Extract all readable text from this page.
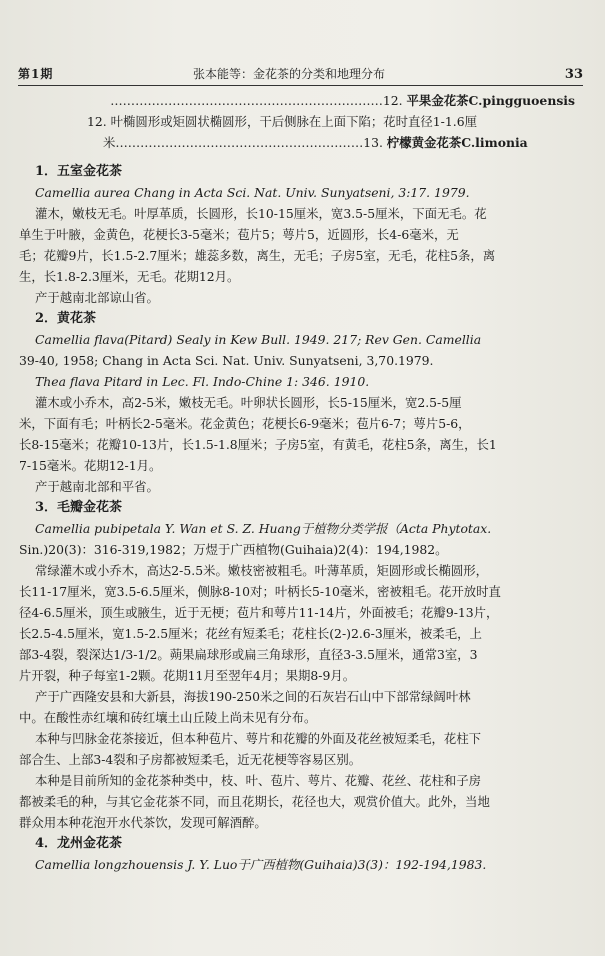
第1期	张本能等：金花茶的分类和地理分布	33
…………………………………………………………12. 平果金花茶C.pingguoensis
12. 叶椭圆形或矩圆状椭圆形，干后侧脉在上面下陷；花时直径1-1.6厘
米……………………………………………………13. 柠檬黄金花茶C.limonia
1．五室金花茶
Camellia aurea Chang in Acta Sci. Nat. Univ. Sunyatseni, 3:17. 1979.
灌木，嫩枝无毛。叶厚革质，长圆形，长10-15厘米，宽3.5-5厘米，下面无毛。花
单生于叶腋，金黄色，花梗长3-5毫米；苞片5；萼片5，近圆形，长4-6毫米，无
毛；花瓣9片，长1.5-2.7厘米；雄蕊多数，离生，无毛；子房5室，无毛，花柱5条，离
生，长1.8-2.3厘米，无毛。花期12月。
产于越南北部谅山省。
2．黄花茶
Camellia flava(Pitard) Sealy in Kew Bull. 1949. 217; Rev Gen. Camellia
39-40, 1958; Chang in Acta Sci. Nat. Univ. Sunyatseni, 3,70.1979.
Thea flava Pitard in Lec. Fl. Indo-Chine 1: 346. 1910.
灌木或小乔木，高2-5米，嫩枝无毛。叶卵状长圆形，长5-15厘米，宽2.5-5厘
米，下面有毛；叶柄长2-5毫米。花金黄色；花梗长6-9毫米；苞片6-7；萼片5-6，
长8-15毫米；花瓣10-13片，长1.5-1.8厘米；子房5室，有黄毛，花柱5条，离生，长1
7-15毫米。花期12-1月。
产于越南北部和平省。
3．毛瓣金花茶
Camellia pubipetala Y. Wan et S. Z. Huang于植物分类学报（Acta Phytotax.
Sin.)20(3)：316-319,1982；万煜于广西植物(Guihaia)2(4)：194,1982。
常绿灌木或小乔木，高达2-5.5米。嫩枝密被粗毛。叶薄革质，矩圆形或长椭圆形，
长11-17厘米，宽3.5-6.5厘米，侧脉8-10对；叶柄长5-10毫米，密被粗毛。花开放时直
径4-6.5厘米，顶生或腋生，近于无梗；苞片和萼片11-14片，外面被毛；花瓣9-13片，
长2.5-4.5厘米，宽1.5-2.5厘米；花丝有短柔毛；花柱长(2-)2.6-3厘米，被柔毛，上
部3-4裂，裂深达1/3-1/2。蒴果扁球形或扁三角球形，直径3-3.5厘米，通常3室，3
片开裂，种子每室1-2颗。花期11月至翌年4月；果期8-9月。
产于广西隆安县和大新县，海拔190-250米之间的石灰岩石山中下部常绿阔叶林
中。在酸性赤红壤和砖红壤土山丘陵上尚未见有分布。
本种与凹脉金花茶接近，但本种苞片、萼片和花瓣的外面及花丝被短柔毛，花柱下
部合生、上部3-4裂和子房都被短柔毛，近无花梗等容易区别。
本种是目前所知的金花茶种类中，枝、叶、苞片、萼片、花瓣、花丝、花柱和子房
都被柔毛的种，与其它金花茶不同，而且花期长，花径也大，观赏价值大。此外，当地
群众用本种花泡开水代茶饮，发现可解酒醉。
4．龙州金花茶
Camellia longzhouensis J. Y. Luo于广西植物(Guihaia)3(3)：192-194,1983.
